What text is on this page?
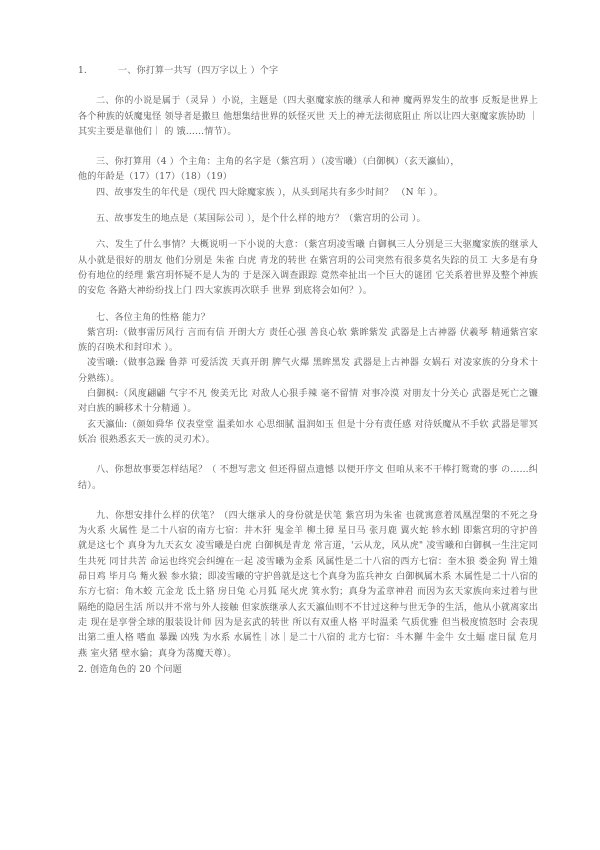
1.	一、你打算一共写（四万字以上 ）个字

二、你的小说是属于（灵异 ）小说，主题是（四大驱魔家族的继承人和神 魔两界发生的故事 反叛是世界上各个种族的妖魔鬼怪 领导者是撒旦 他想集结世界的妖怪灭世 天上的神无法彻底阻止 所以让四大驱魔家族协助 ｜其实主要是靠他们｜ 的 饿……情节）。

三、你打算用（4 ）个主角：主角的名字是（紫宫玥 ）（凌雪曦）（白御枫）（玄天瀛仙），

他的年龄是（17）（17）（18）（19）

四、故事发生的年代是（现代 四大除魔家族 ），从头到尾共有多少时间？ （N 年 ）。

五、故事发生的地点是（某国际公司 ），是个什么样的地方？（紫宫玥的公司 ）。

六、发生了什么事情？大概说明一下小说的大意：（紫宫玥凌雪曦 白御枫三人分别是三大驱魔家族的继承人 从小就是很好的朋友 他们分别是 朱雀 白虎 青龙的转世 在紫宫玥的公司突然有很多莫名失踪的员工 大多是有身份有地位的经理 紫宫玥怀疑不是人为的 于是深入调查跟踪 竟然牵扯出一个巨大的谜团 它关系着世界及整个神族的安危 各路大神纷纷找上门 四大家族再次联手 世界 到底将会如何？）。

七、各位主角的性格 能力？

紫宫玥:（做事雷厉风行 言而有信 开朗大方 责任心强 善良心软 紫眸紫发 武器是上古神器 伏羲琴 精通紫宫家族的召唤术和封印术 ）。

凌雪曦:（做事急躁 鲁莽 可爱活泼 天真开朗 脾气火爆 黑眸黑发 武器是上古神器 女娲石 对凌家族的分身术十分熟练）。

白御枫:（风度翩翩 气宇不凡 俊美无比 对敌人心狠手辣 毫不留情 对事冷漠 对朋友十分关心 武器是死亡之镰 对白族的瞬移术十分精通 ）。

玄天瀛仙:（颜如舜华 仪表堂堂 温柔如水 心思细腻 温润如玉 但是十分有责任感 对待妖魔从不手软 武器是罪冥妖冶 很熟悉玄天一族的灵刃术）。

八、你想故事要怎样结尾？（ 不想写悲文 但还得留点遗憾 以便开序文 但咱从来不干棒打鸳鸯的事 の……纠结）。

九、你想安排什么样的伏笔？（四大继承人的身份就是伏笔 紫宫玥为朱雀 也就寓意着凤凰涅槃的不死之身 为火系 火属性 是二十八宿的南方七宿：井木犴 鬼金羊 柳土獐 星日马 张月鹿 翼火蛇 轸水蚓 即紫宫玥的守护兽就是这七个 真身为九天玄女 凌雪曦是白虎 白御枫是青龙 常言道，'云从龙，风从虎" 凌雪曦和白御枫一生注定同生共死 同甘共苦 命运也终究会纠缠在一起 凌雪曦为金系 风属性是二十八宿的西方七宿：奎木狼 娄金狗 胃土雉 昴日鸡 毕月乌 觜火猴 参水猿；即凌雪曦的守护兽就是这七个真身为监兵神女 白御枫属木系 木属性是二十八宿的东方七宿：角木蛟 亢金龙 氐土貉 房日兔 心月狐 尾火虎 箕水豹；真身为孟章神君 而因为玄天家族向来过着与世隔绝的隐居生活 所以并不常与外人接触 但家族继承人玄天瀛仙则不不甘过这种与世无争的生活，他从小就离家出走 现在是享誉全球的服装设计师 因为是玄武的转世 所以有双重人格 平时温柔 气质优雅 但当极度愤怒时 会表现出第二重人格 嗜血 暴躁 凶残 为水系 水属性｜冰｜是二十八宿的 北方七宿：斗木獬 牛金牛 女土蝠 虚日鼠 危月燕 室火猪 壁水貐；真身为荡魔天尊）。

2. 创造角色的 20 个问题
